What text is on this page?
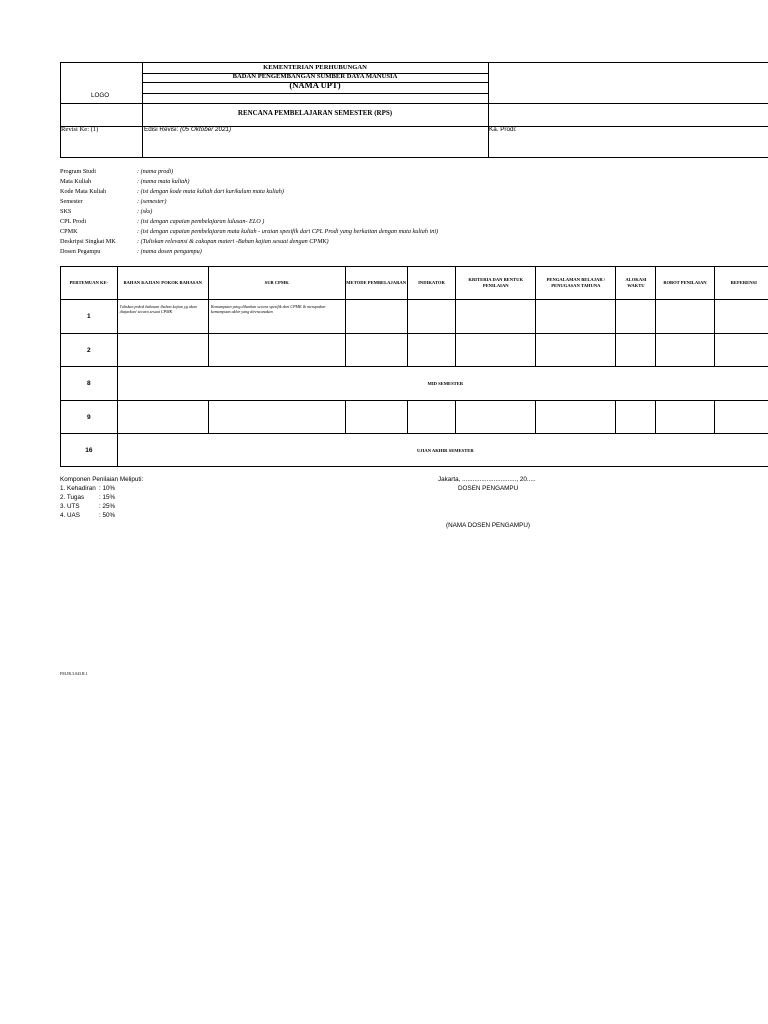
LOGO
KEMENTERIAN PERHUBUNGAN
BADAN PENGEMBANGAN SUMBER DAYA MANUSIA
(NAMA UPT)
RENCANA PEMBELAJARAN SEMESTER (RPS)
Revisi Ke: (1)	Edisi Revisi: (05 Oktober 2021)	Ka. Prodi:
Program Studi	: (nama prodi)
Mata Kuliah	: (nama mata kuliah)
Kode Mata Kuliah	: (isi dengan kode mata kuliah dari kurikulum mata kuliah)
Semester	: (semester)
SKS	: (sks)
CPL Prodi	: (isi dengan capaian pembelajaran lulusan- ELO )
CPMK	: (isi dengan capaian pembelajaran mata kuliah - uraian spesifik dari CPL Prodi yang berkaitan dengan mata kuliah ini)
Deskripsi Singkat MK	: (Tuliskan relevansi & cakupan materi -Bahan kajian sesuai dengan CPMK)
Dosen Pegampu	: (nama dosen pengampu)
PERTEMUAN KE-	BAHAN KAJIAN/ POKOK BAHASAN	SUB CPMK	METODE PEMBELAJARAN	INDIKATOR	KRITERIA DAN BENTUK PENILAIAN	PENGALAMAN BELAJAR / PENUGASAN TAHUNA	ALOKASI WAKTU	BOBOT PENILAIAN	REFERENSI
1	Tuliskan pokok bahasan /bahan kajian yg akan diajarkan/ secara sesuai CPMK	Kemampuan yang diharkan secara spesifik dari CPMK & merupakan kemampuan akhir yang direncanakan							
2									
8	MID SEMESTER								
9									
16	UJIAN AKHIR SEMESTER								
Komponen Penilaian Meliputi:
1. Kehadiran : 10%
2. Tugas : 15%
3. UTS	: 25%
4. UAS	: 50%
Jakarta, ..............................., 20.....
DOSEN PENGAMPU
(NAMA DOSEN PENGAMPU)
FM.JR.3.043.R.1
